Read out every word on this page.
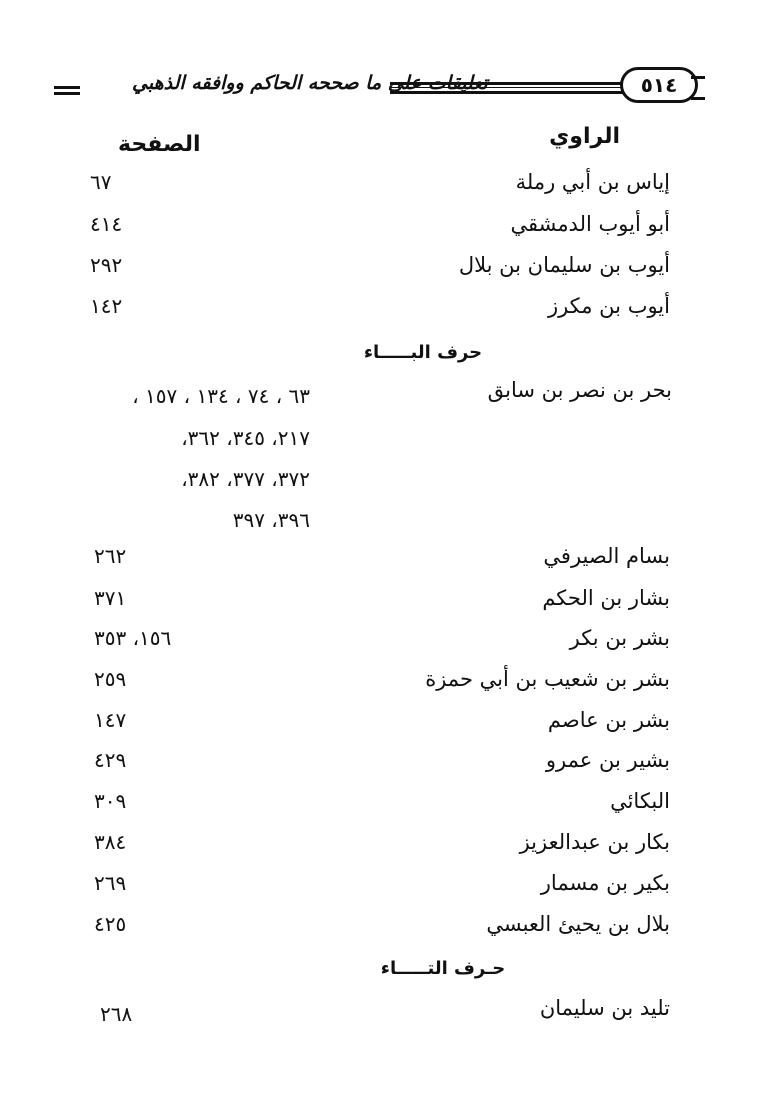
تعليقات على ما صححه الحاكم ووافقه الذهبي	٥١٤
الراوي
الصفحة
إياس بن أبي رملة
٦٧
أبو أيوب الدمشقي
٤١٤
أيوب بن سليمان بن بلال
٢٩٢
أيوب بن مكرز
١٤٢
حرف البـــــاء
بحر بن نصر بن سابق
٦٣ ، ٧٤ ، ١٣٤ ، ١٥٧ ،
٢١٧، ٣٤٥، ٣٦٢،
٣٧٢، ٣٧٧، ٣٨٢،
٣٩٦، ٣٩٧
بسام الصيرفي
٢٦٢
بشار بن الحكم
٣٧١
بشر بن بكر
١٥٦، ٣٥٣
بشر بن شعيب بن أبي حمزة
٢٥٩
بشر بن عاصم
١٤٧
بشير بن عمرو
٤٢٩
البكائي
٣٠٩
بكار بن عبدالعزيز
٣٨٤
بكير بن مسمار
٢٦٩
بلال بن يحيئ العبسي
٤٢٥
حـرف التـــــاء
تليد بن سليمان
٢٦٨
